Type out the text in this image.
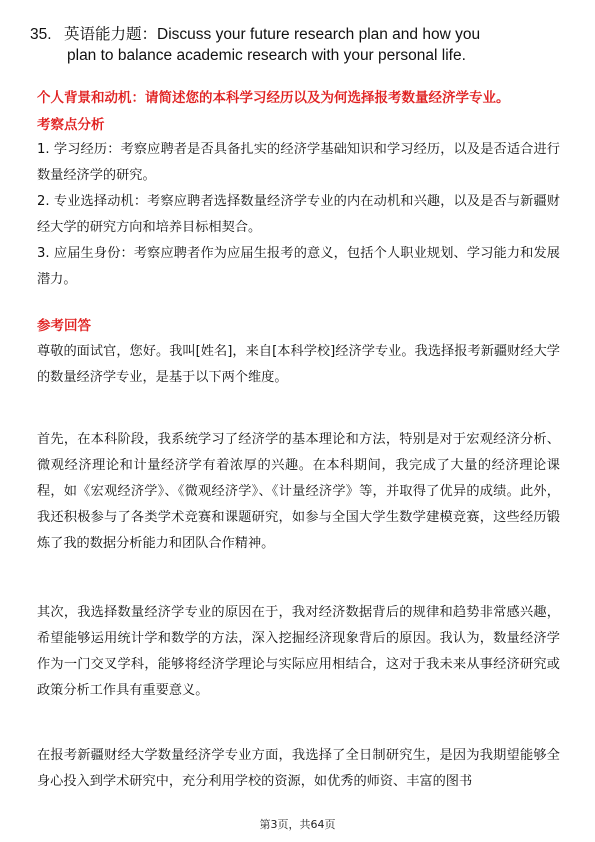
35. 英语能力题：Discuss your future research plan and how you
plan to balance academic research with your personal life.
个人背景和动机：请简述您的本科学习经历以及为何选择报考数量经济学专业。
考察点分析

1. 学习经历：考察应聘者是否具备扎实的经济学基础知识和学习经历，以及是否适合进行数量经济学的研究。

2. 专业选择动机：考察应聘者选择数量经济学专业的内在动机和兴趣，以及是否与新疆财经大学的研究方向和培养目标相契合。

3. 应届生身份：考察应聘者作为应届生报考的意义，包括个人职业规划、学习能力和发展潜力。

参考回答

尊敬的面试官，您好。我叫[姓名]，来自[本科学校]经济学专业。我选择报考新疆财经大学的数量经济学专业，是基于以下两个维度。

首先，在本科阶段，我系统学习了经济学的基本理论和方法，特别是对于宏观经济分析、微观经济理论和计量经济学有着浓厚的兴趣。在本科期间，我完成了大量的经济理论课程，如《宏观经济学》、《微观经济学》、《计量经济学》等，并取得了优异的成绩。此外，我还积极参与了各类学术竞赛和课题研究，如参与全国大学生数学建模竞赛，这些经历锻炼了我的数据分析能力和团队合作精神。

其次，我选择数量经济学专业的原因在于，我对经济数据背后的规律和趋势非常感兴趣，希望能够运用统计学和数学的方法，深入挖掘经济现象背后的原因。我认为，数量经济学作为一门交叉学科，能够将经济学理论与实际应用相结合，这对于我未来从事经济研究或政策分析工作具有重要意义。

在报考新疆财经大学数量经济学专业方面，我选择了全日制研究生，是因为我期望能够全身心投入到学术研究中，充分利用学校的资源，如优秀的师资、丰富的图书

第3页，共64页
